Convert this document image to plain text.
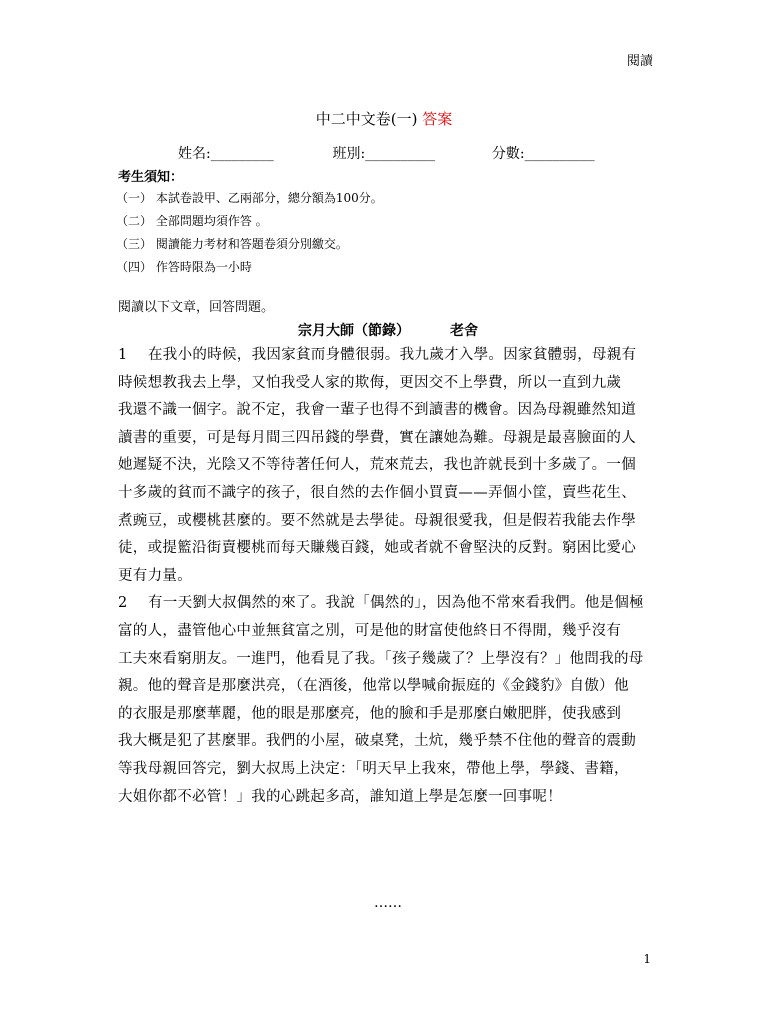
閱讀
中二中文卷(一) 答案
姓名:_________	班別:__________	分數:__________
考生須知：
（一） 本試卷設甲、乙兩部分，總分額為100分。
（二） 全部問題均須作答 。
（三） 閱讀能力考材和答題卷須分別繳交。
（四） 作答時限為一小時
閱讀以下文章，回答問題。
宗月大師（節錄）	老舍
1 在我小的時候，我因家貧而身體很弱。我九歲才入學。因家貧體弱，母親有
時候想教我去上學，又怕我受人家的欺侮，更因交不上學費，所以一直到九歲
我還不識一個字。說不定，我會一輩子也得不到讀書的機會。因為母親雖然知道
讀書的重要，可是每月間三四吊錢的學費，實在讓她為難。母親是最喜臉面的人
她遲疑不決，光陰又不等待著任何人，荒來荒去，我也許就長到十多歲了。一個
十多歲的貧而不識字的孩子，很自然的去作個小買賣——弄個小筐，賣些花生、
煮豌豆，或櫻桃甚麼的。要不然就是去學徒。母親很愛我，但是假若我能去作學
徒，或提籃沿街賣櫻桃而每天賺幾百錢，她或者就不會堅決的反對。窮困比愛心
更有力量。
2 有一天劉大叔偶然的來了。我說「偶然的」，因為他不常來看我們。他是個極
富的人，盡管他心中並無貧富之別，可是他的財富使他終日不得閒，幾乎沒有
工夫來看窮朋友。一進門，他看見了我。「孩子幾歲了？上學沒有？」他問我的母
親。他的聲音是那麼洪亮，（在酒後，他常以學喊俞振庭的《金錢豹》自傲）他
的衣服是那麼華麗，他的眼是那麼亮，他的臉和手是那麼白嫩肥胖，使我感到
我大概是犯了甚麼罪。我們的小屋，破桌凳，土炕，幾乎禁不住他的聲音的震動
等我母親回答完，劉大叔馬上決定：「明天早上我來，帶他上學，學錢、書籍，
大姐你都不必管！」我的心跳起多高，誰知道上學是怎麼一回事呢！
……
1
